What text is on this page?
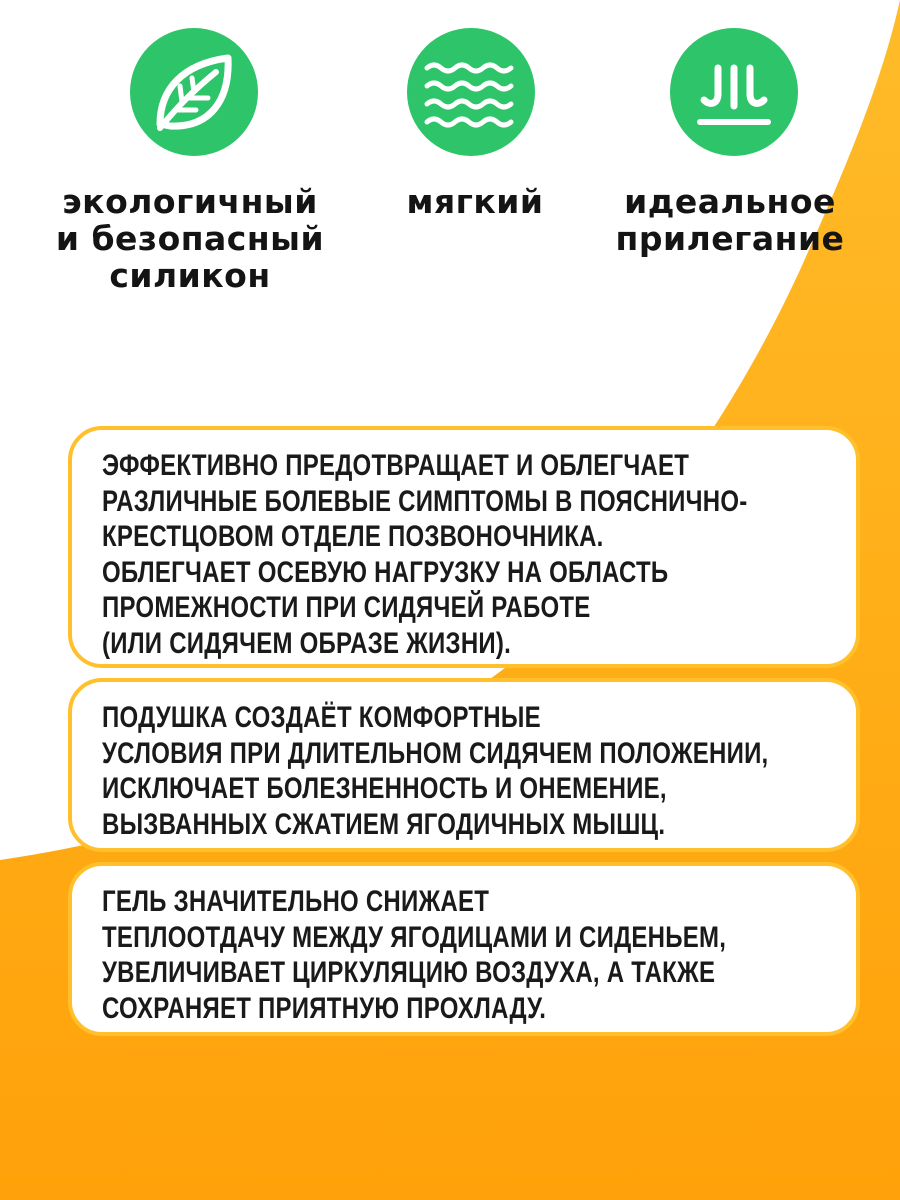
экологичный
и безопасный
силикон
мягкий	идеальное
прилегание
ЭФФЕКТИВНО ПРЕДОТВРАЩАЕТ И ОБЛЕГЧАЕТ
РАЗЛИЧНЫЕ БОЛЕВЫЕ СИМПТОМЫ В ПОЯСНИЧНО-
КРЕСТЦОВОМ ОТДЕЛЕ ПОЗВОНОЧНИКА.
ОБЛЕГЧАЕТ ОСЕВУЮ НАГРУЗКУ НА ОБЛАСТЬ
ПРОМЕЖНОСТИ ПРИ СИДЯЧЕЙ РАБОТЕ
(ИЛИ СИДЯЧЕМ ОБРАЗЕ ЖИЗНИ).
ПОДУШКА СОЗДАЁТ КОМФОРТНЫЕ
УСЛОВИЯ ПРИ ДЛИТЕЛЬНОМ СИДЯЧЕМ ПОЛОЖЕНИИ,
ИСКЛЮЧАЕТ БОЛЕЗНЕННОСТЬ И ОНЕМЕНИЕ,
ВЫЗВАННЫХ СЖАТИЕМ ЯГОДИЧНЫХ МЫШЦ.
ГЕЛЬ ЗНАЧИТЕЛЬНО СНИЖАЕТ
ТЕПЛООТДАЧУ МЕЖДУ ЯГОДИЦАМИ И СИДЕНЬЕМ,
УВЕЛИЧИВАЕТ ЦИРКУЛЯЦИЮ ВОЗДУХА, А ТАКЖЕ
СОХРАНЯЕТ ПРИЯТНУЮ ПРОХЛАДУ.
